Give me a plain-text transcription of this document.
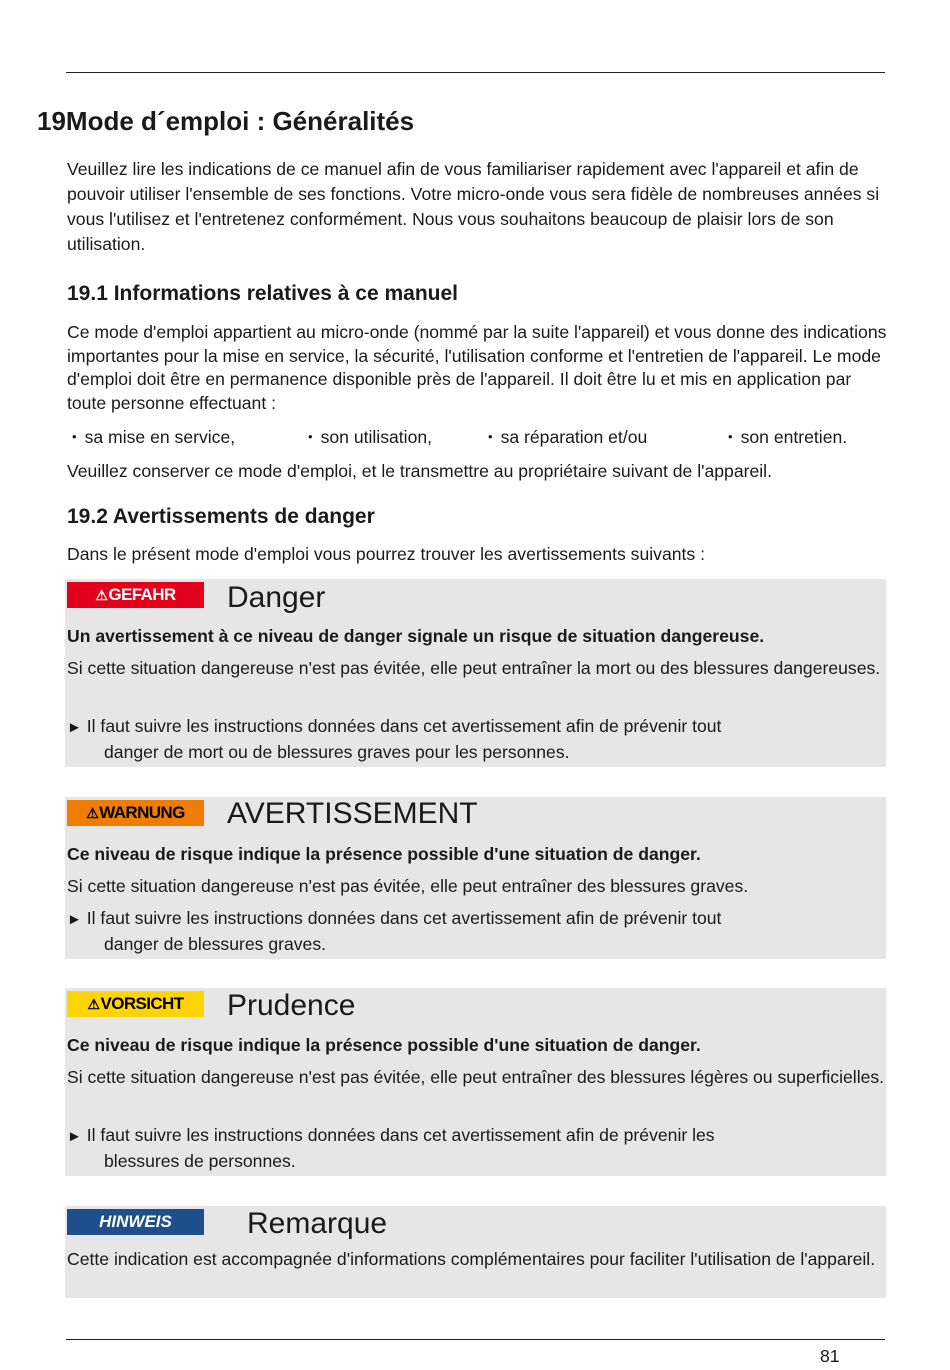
19Mode d´emploi : Généralités

Veuillez lire les indications de ce manuel afin de vous familiariser rapidement avec l'appareil et afin de pouvoir utiliser l'ensemble de ses fonctions. Votre micro-onde vous sera fidèle de nombreuses années si vous l'utilisez et l'entretenez conformément. Nous vous souhaitons beaucoup de plaisir lors de son utilisation.

19.1 Informations relatives à ce manuel

Ce mode d'emploi appartient au micro-onde (nommé par la suite l'appareil) et vous donne des indications importantes pour la mise en service, la sécurité, l'utilisation conforme et l'entretien de l'appareil. Le mode d'emploi doit être en permanence disponible près de l'appareil. Il doit être lu et mis en application par toute personne effectuant :

• sa mise en service,	• son utilisation,	• sa réparation et/ou	• son entretien.

Veuillez conserver ce mode d'emploi, et le transmettre au propriétaire suivant de l'appareil.

19.2 Avertissements de danger

Dans le présent mode d'emploi vous pourrez trouver les avertissements suivants :

⚠ GEFAHR Danger
Un avertissement à ce niveau de danger signale un risque de situation dangereuse.
Si cette situation dangereuse n'est pas évitée, elle peut entraîner la mort ou des blessures dangereuses.
► Il faut suivre les instructions données dans cet avertissement afin de prévenir tout
danger de mort ou de blessures graves pour les personnes.
⚠ WARNUNG AVERTISSEMENT
Ce niveau de risque indique la présence possible d'une situation de danger.
Si cette situation dangereuse n'est pas évitée, elle peut entraîner des blessures graves.
► Il faut suivre les instructions données dans cet avertissement afin de prévenir tout
danger de blessures graves.
⚠ VORSICHT Prudence
Ce niveau de risque indique la présence possible d'une situation de danger.
Si cette situation dangereuse n'est pas évitée, elle peut entraîner des blessures légères ou superficielles.
► Il faut suivre les instructions données dans cet avertissement afin de prévenir les
blessures de personnes.
HINWEIS	Remarque
Cette indication est accompagnée d'informations complémentaires pour faciliter l'utilisation de l'appareil.

81
